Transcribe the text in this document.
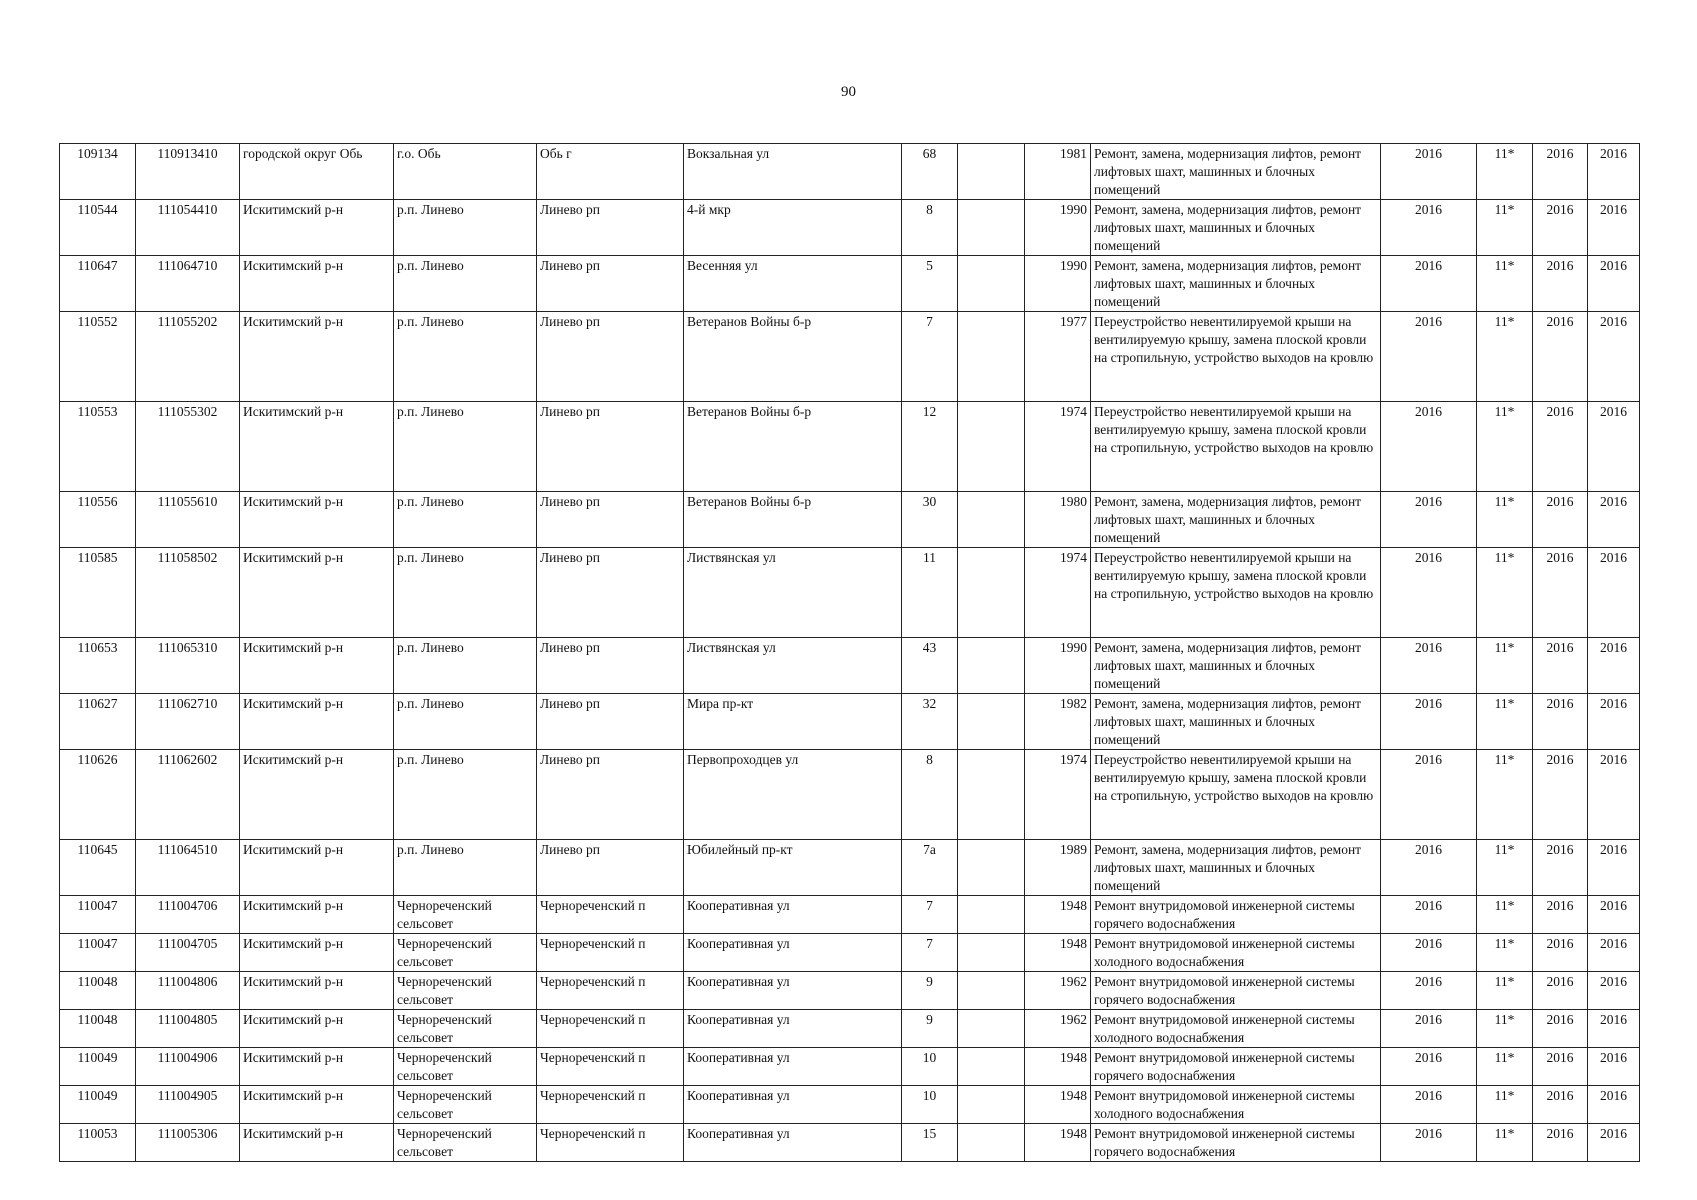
90
109134	110913410	городской округ Обь	г.о. Обь	Обь г	Вокзальная ул	68		1981	Ремонт, замена, модернизация лифтов, ремонт лифтовых шахт, машинных и блочных помещений	2016	11*	2016	2016
110544	111054410	Искитимский р-н	р.п. Линево	Линево рп	4-й мкр	8		1990	Ремонт, замена, модернизация лифтов, ремонт лифтовых шахт, машинных и блочных помещений	2016	11*	2016	2016
110647	111064710	Искитимский р-н	р.п. Линево	Линево рп	Весенняя ул	5		1990	Ремонт, замена, модернизация лифтов, ремонт лифтовых шахт, машинных и блочных помещений	2016	11*	2016	2016
110552	111055202	Искитимский р-н	р.п. Линево	Линево рп	Ветеранов Войны б-р	7		1977	Переустройство невентилируемой крыши на вентилируемую крышу, замена плоской кровли на стропильную, устройство выходов на кровлю	2016	11*	2016	2016
110553	111055302	Искитимский р-н	р.п. Линево	Линево рп	Ветеранов Войны б-р	12		1974	Переустройство невентилируемой крыши на вентилируемую крышу, замена плоской кровли на стропильную, устройство выходов на кровлю	2016	11*	2016	2016
110556	111055610	Искитимский р-н	р.п. Линево	Линево рп	Ветеранов Войны б-р	30		1980	Ремонт, замена, модернизация лифтов, ремонт лифтовых шахт, машинных и блочных помещений	2016	11*	2016	2016
110585	111058502	Искитимский р-н	р.п. Линево	Линево рп	Листвянская ул	11		1974	Переустройство невентилируемой крыши на вентилируемую крышу, замена плоской кровли на стропильную, устройство выходов на кровлю	2016	11*	2016	2016
110653	111065310	Искитимский р-н	р.п. Линево	Линево рп	Листвянская ул	43		1990	Ремонт, замена, модернизация лифтов, ремонт лифтовых шахт, машинных и блочных помещений	2016	11*	2016	2016
110627	111062710	Искитимский р-н	р.п. Линево	Линево рп	Мира пр-кт	32		1982	Ремонт, замена, модернизация лифтов, ремонт лифтовых шахт, машинных и блочных помещений	2016	11*	2016	2016
110626	111062602	Искитимский р-н	р.п. Линево	Линево рп	Первопроходцев ул	8		1974	Переустройство невентилируемой крыши на вентилируемую крышу, замена плоской кровли на стропильную, устройство выходов на кровлю	2016	11*	2016	2016
110645	111064510	Искитимский р-н	р.п. Линево	Линево рп	Юбилейный пр-кт	7а		1989	Ремонт, замена, модернизация лифтов, ремонт лифтовых шахт, машинных и блочных помещений	2016	11*	2016	2016
110047	111004706	Искитимский р-н	Чернореченский сельсовет	Чернореченский п	Кооперативная ул	7		1948	Ремонт внутридомовой инженерной системы горячего водоснабжения	2016	11*	2016	2016
110047	111004705	Искитимский р-н	Чернореченский сельсовет	Чернореченский п	Кооперативная ул	7		1948	Ремонт внутридомовой инженерной системы холодного водоснабжения	2016	11*	2016	2016
110048	111004806	Искитимский р-н	Чернореченский сельсовет	Чернореченский п	Кооперативная ул	9		1962	Ремонт внутридомовой инженерной системы горячего водоснабжения	2016	11*	2016	2016
110048	111004805	Искитимский р-н	Чернореченский сельсовет	Чернореченский п	Кооперативная ул	9		1962	Ремонт внутридомовой инженерной системы холодного водоснабжения	2016	11*	2016	2016
110049	111004906	Искитимский р-н	Чернореченский сельсовет	Чернореченский п	Кооперативная ул	10		1948	Ремонт внутридомовой инженерной системы горячего водоснабжения	2016	11*	2016	2016
110049	111004905	Искитимский р-н	Чернореченский сельсовет	Чернореченский п	Кооперативная ул	10		1948	Ремонт внутридомовой инженерной системы холодного водоснабжения	2016	11*	2016	2016
110053	111005306	Искитимский р-н	Чернореченский сельсовет	Чернореченский п	Кооперативная ул	15		1948	Ремонт внутридомовой инженерной системы горячего водоснабжения	2016	11*	2016	2016
